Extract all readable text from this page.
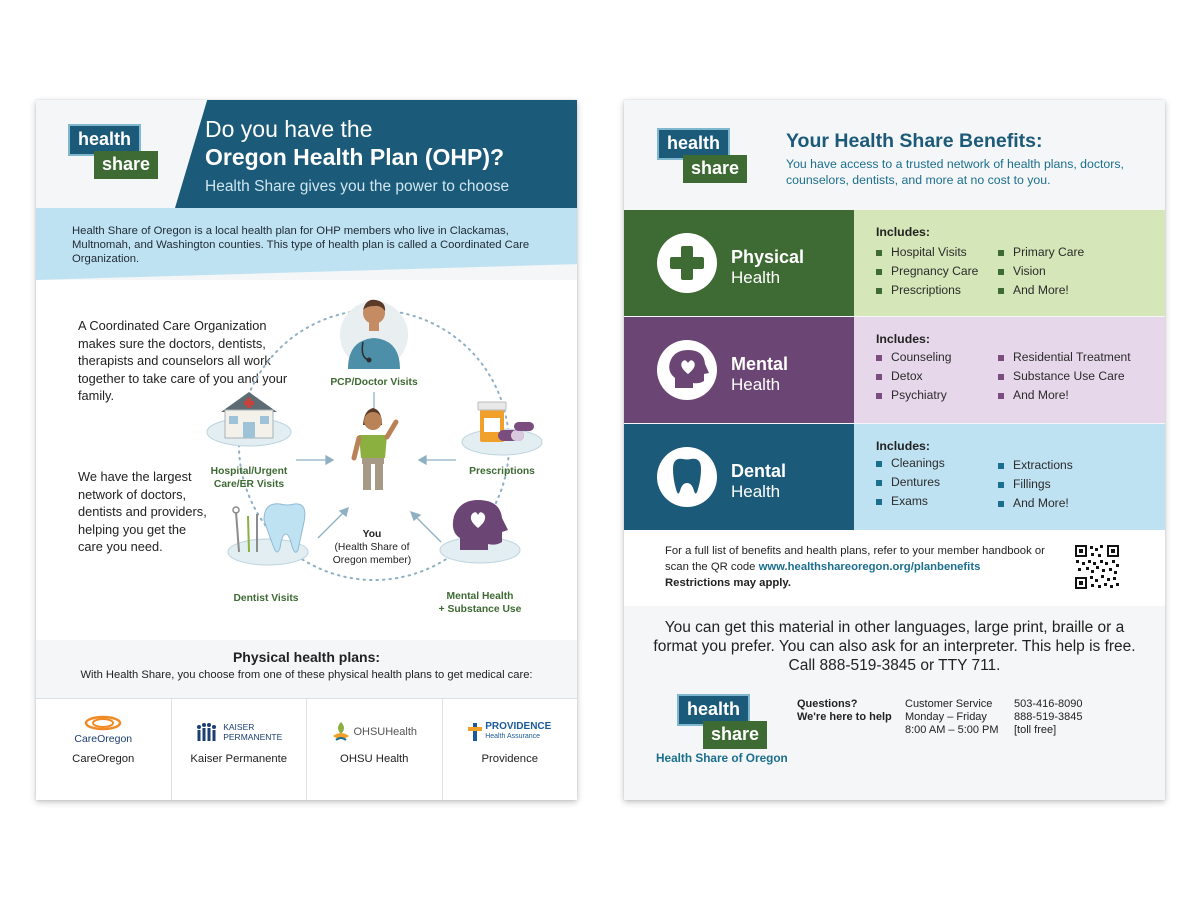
health
share
Do you have the
Oregon Health Plan (OHP)?
Health Share gives you the power to choose
Health Share of Oregon is a local health plan for OHP members who live in Clackamas, Multnomah, and Washington counties. This type of health plan is called a Coordinated Care Organization.
A Coordinated Care Organization makes sure the doctors, dentists, therapists and counselors all work together to take care of you and your family.
We have the largest network of doctors, dentists and providers, helping you get the care you need.
PCP/Doctor Visits
Hospital/Urgent
Care/ER Visits
Prescriptions
You
(Health Share of
Oregon member)
Dentist Visits	Mental Health
+ Substance Use
Physical health plans:
With Health Share, you choose from one of these physical health plans to get medical care:
CareOregon
CareOregon
KAISER
PERMANENTE
Kaiser Permanente
OHSUHealth
OHSU Health
PROVIDENCE
Health Assurance
Providence
health
share
Your Health Share Benefits:
You have access to a trusted network of health plans, doctors, counselors, dentists, and more at no cost to you.
Physical
Health
Includes:
Hospital Visits
Pregnancy Care
Prescriptions
Primary Care
Vision
And More!
Mental
Health
Includes:
Counseling
Detox
Psychiatry
Residential Treatment
Substance Use Care
And More!
Dental
Health
Includes:
Cleanings
Dentures
Exams
Extractions
Fillings
And More!
For a full list of benefits and health plans, refer to your member handbook or scan the QR code www.healthshareoregon.org/planbenefits
Restrictions may apply.
You can get this material in other languages, large print, braille or a format you prefer. You can also ask for an interpreter. This help is free. Call 888-519-3845 or TTY 711.
health
share
Health Share of Oregon
Questions?
We're here to help
Customer Service
Monday – Friday
8:00 AM – 5:00 PM
503-416-8090
888-519-3845
[toll free]
